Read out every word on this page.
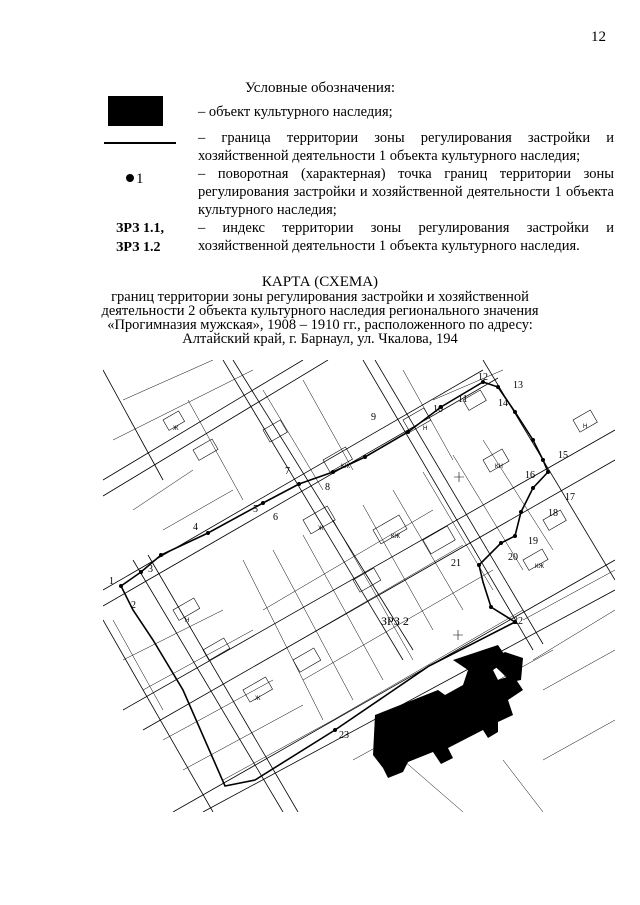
12
Условные обозначения:
– объект культурного наследия;
– граница территории зоны регулирования застройки и хозяйственной деятельности 1 объекта культурного наследия;
1	– поворотная (характерная) точка границ территории зоны регулирования застройки и хозяйственной деятельности 1 объекта культурного наследия;
ЗРЗ 1.1,
ЗРЗ 1.2
– индекс территории зоны регулирования застройки и хозяйственной деятельности 1 объекта культурного наследия.
КАРТА (СХЕМА)
границ территории зоны регулирования застройки и хозяйственной
деятельности 2 объекта культурного наследия регионального значения
«Прогимназия мужская», 1908 – 1910 гг., расположенного по адресу:
Алтайский край, г. Барнаул, ул. Чкалова, 194
1
2
3
4
5
6
7
8
9
10
11
12
13
14
15
16
17
18
19
20
21
22
23
Ж
КЖ
Н
КН
Ж
КЖ
Н
Ж
КЖ
Н
ЗРЗ 2
